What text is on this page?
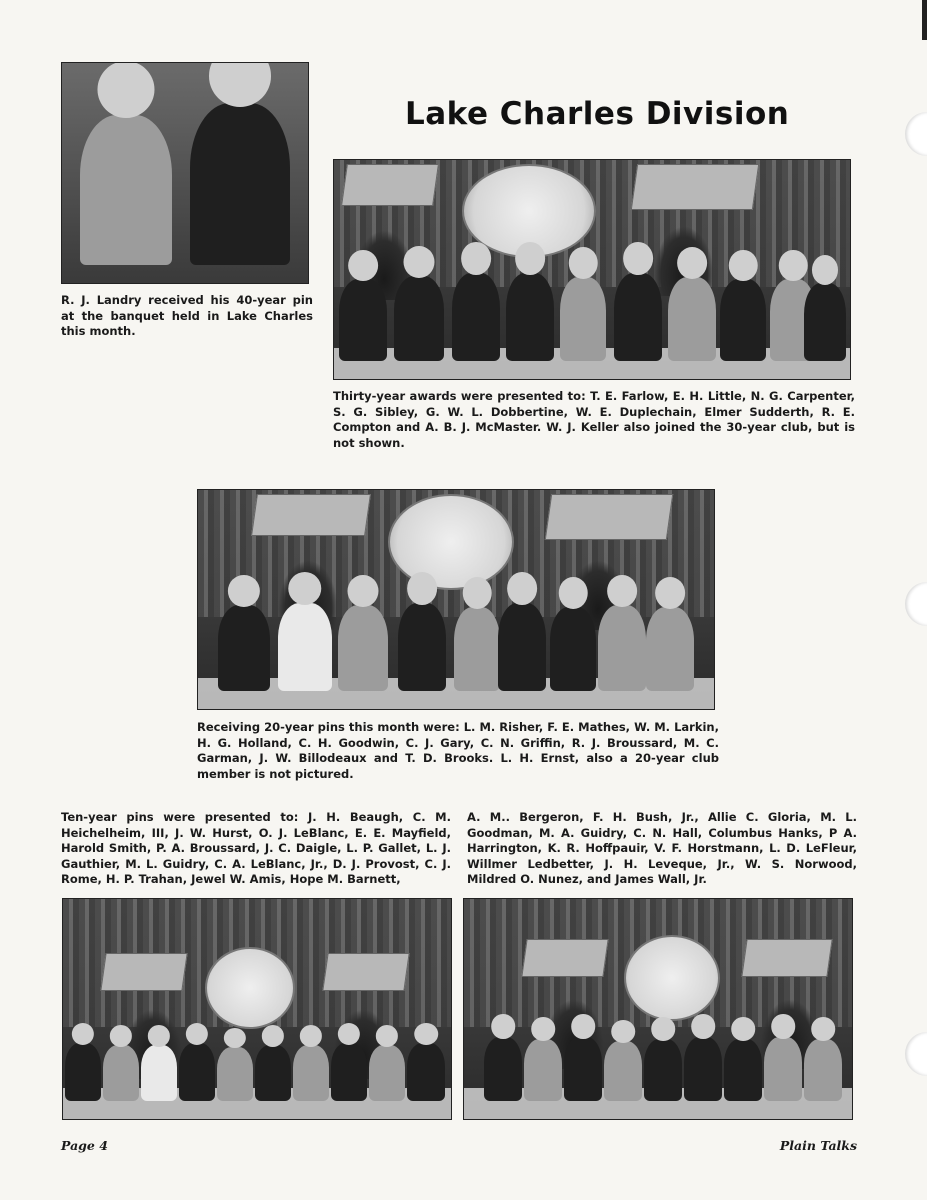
R. J. Landry received his 40-year pin at the banquet held in Lake Charles this month.
Lake Charles Division
Thirty-year awards were presented to: T. E. Farlow, E. H. Little, N. G. Carpenter, S. G. Sibley, G. W. L. Dobbertine, W. E. Duplechain, Elmer Sudderth, R. E. Compton and A. B. J. McMaster. W. J. Keller also joined the 30-year club, but is not shown.
Receiving 20-year pins this month were: L. M. Risher, F. E. Mathes, W. M. Larkin, H. G. Holland, C. H. Goodwin, C. J. Gary, C. N. Griffin, R. J. Broussard, M. C. Garman, J. W. Billodeaux and T. D. Brooks. L. H. Ernst, also a 20-year club member is not pictured.
Ten-year pins were presented to: J. H. Beaugh, C. M. Heichelheim, III, J. W. Hurst, O. J. LeBlanc, E. E. Mayfield, Harold Smith, P. A. Broussard, J. C. Daigle, L. P. Gallet, L. J. Gauthier, M. L. Guidry, C. A. LeBlanc, Jr., D. J. Provost, C. J. Rome, H. P. Trahan, Jewel W. Amis, Hope M. Barnett,
A. M.. Bergeron, F. H. Bush, Jr., Allie C. Gloria, M. L. Goodman, M. A. Guidry, C. N. Hall, Columbus Hanks, P A. Harrington, K. R. Hoffpauir, V. F. Horstmann, L. D. LeFleur, Willmer Ledbetter, J. H. Leveque, Jr., W. S. Norwood, Mildred O. Nunez, and James Wall, Jr.
Page 4	Plain Talks
